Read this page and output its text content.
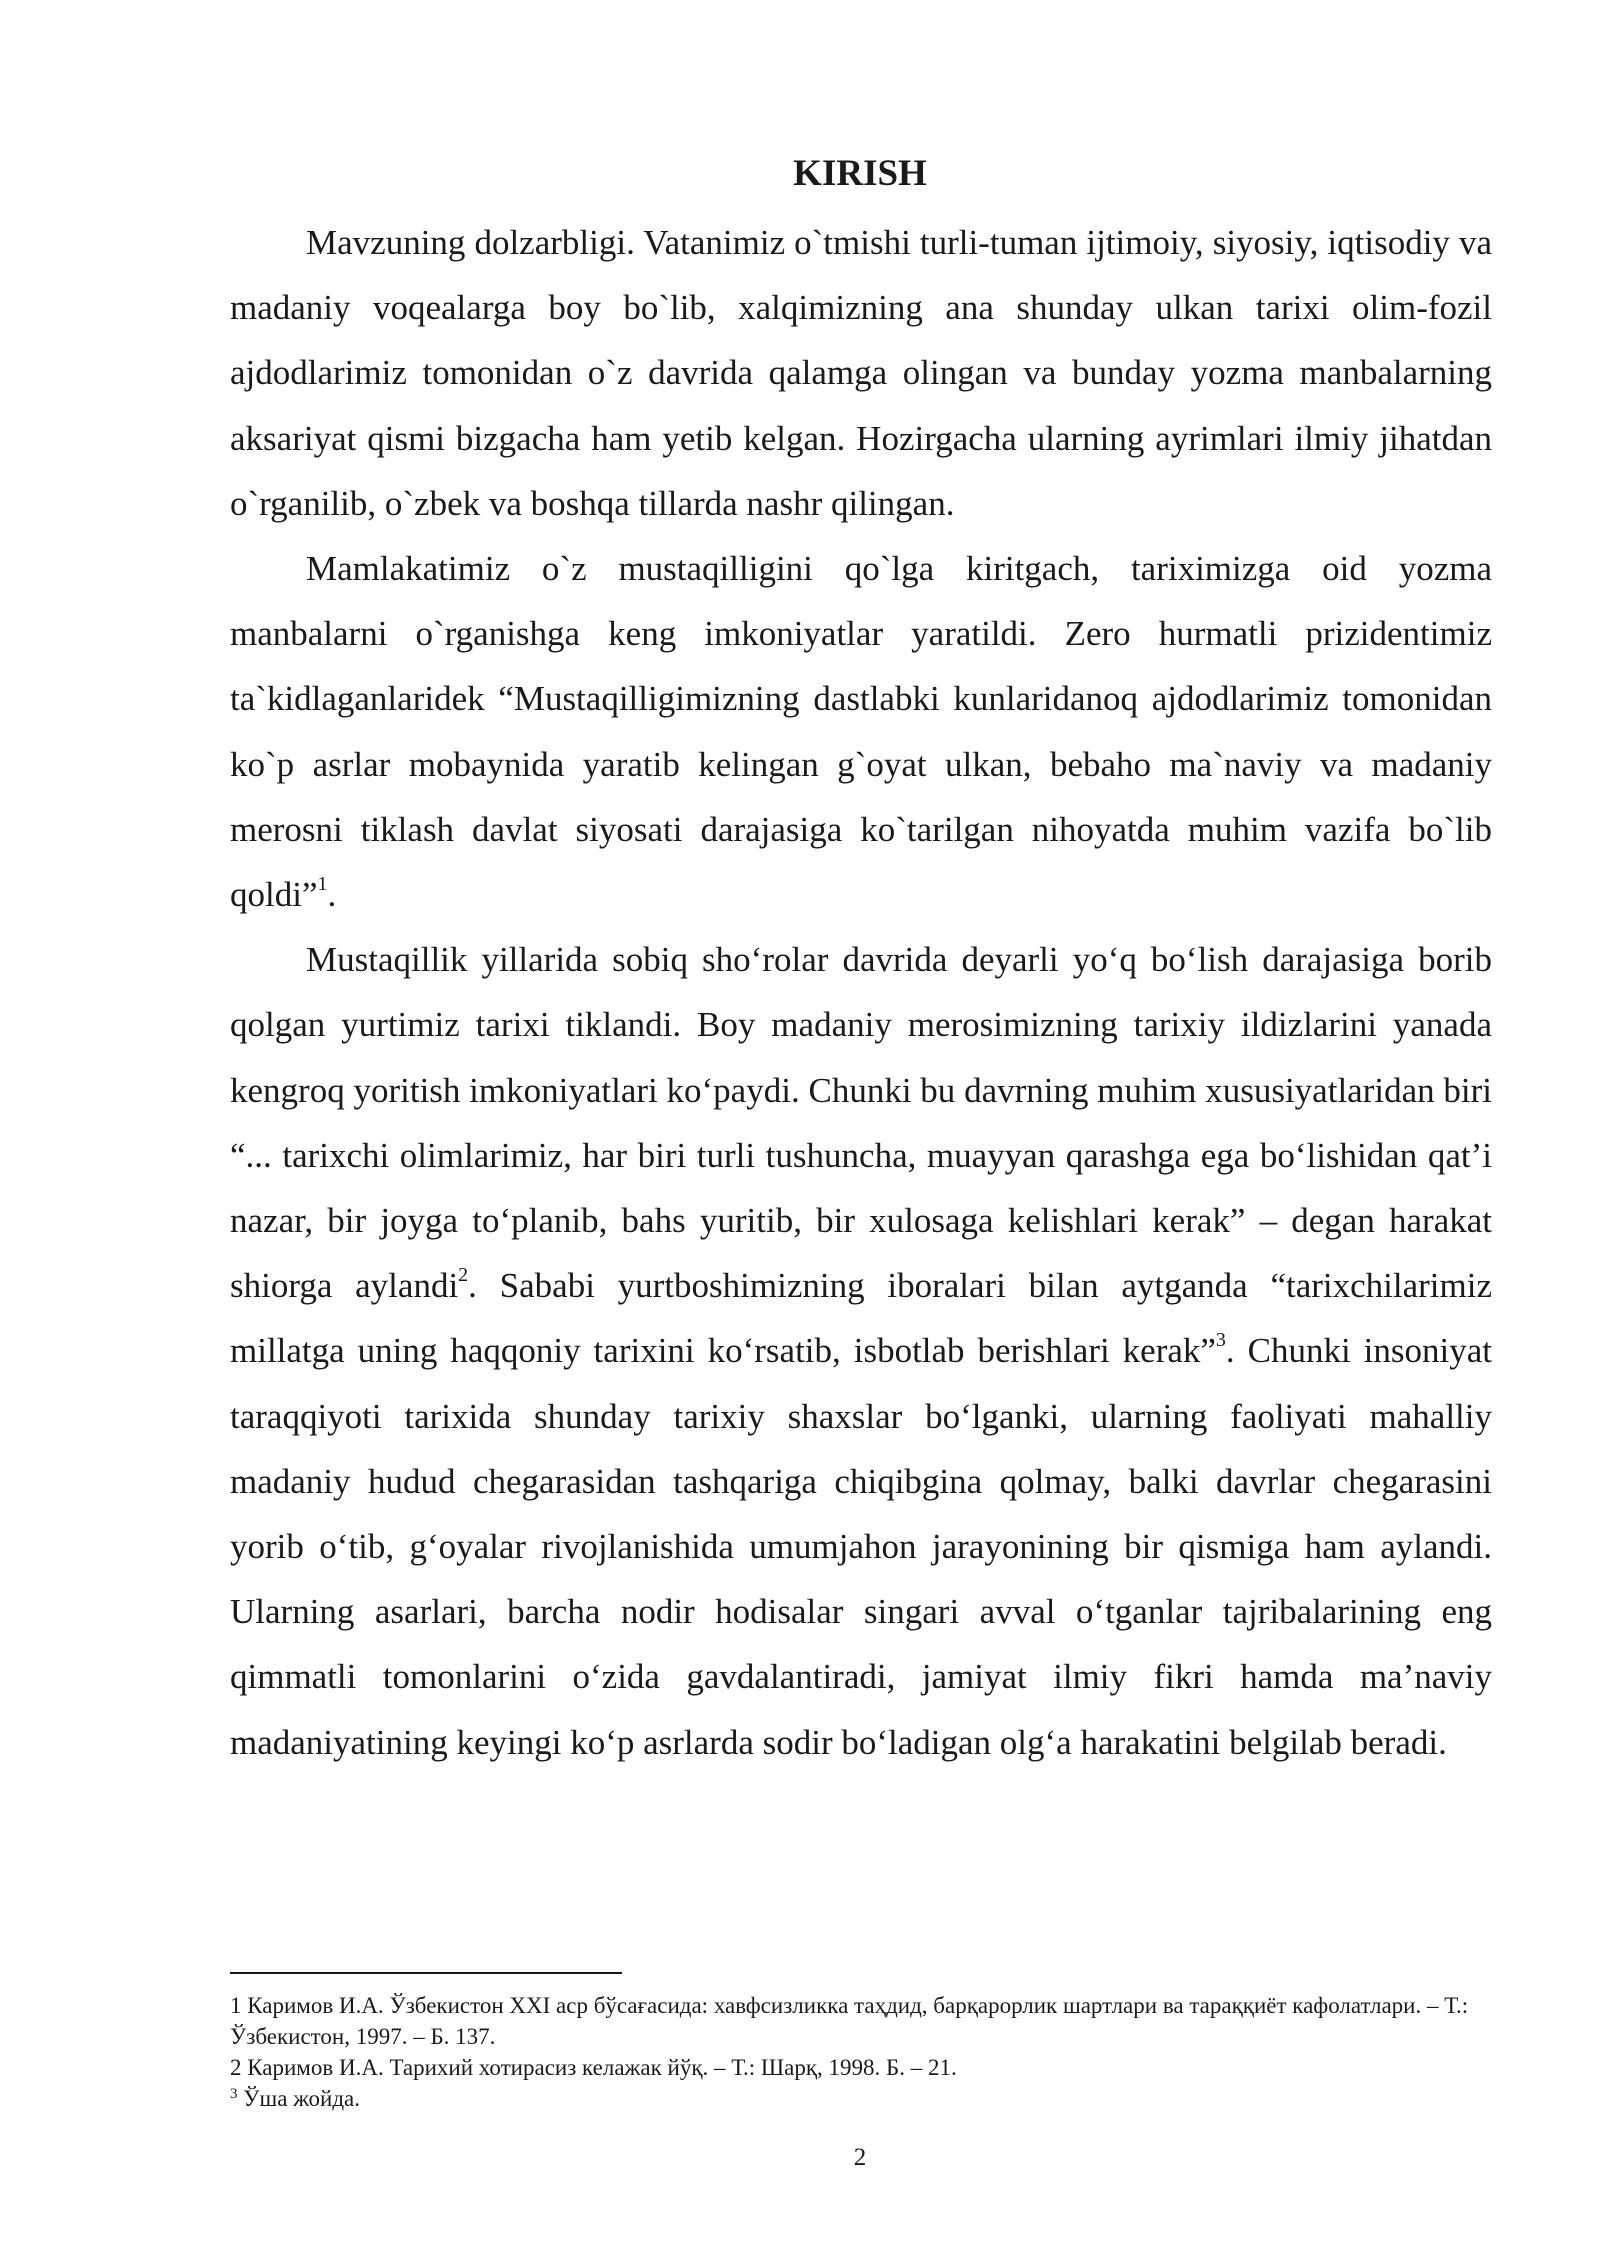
KIRISH

Mavzuning dolzarbligi. Vatanimiz o`tmishi turli-tuman ijtimoiy, siyosiy, iqtisodiy va madaniy voqealarga boy bo`lib, xalqimizning ana shunday ulkan tarixi olim-fozil ajdodlarimiz tomonidan o`z davrida qalamga olingan va bunday yozma manbalarning aksariyat qismi bizgacha ham yetib kelgan. Hozirgacha ularning ayrimlari ilmiy jihatdan o`rganilib, o`zbek va boshqa tillarda nashr qilingan.

Mamlakatimiz o`z mustaqilligini qo`lga kiritgach, tariximizga oid yozma manbalarni o`rganishga keng imkoniyatlar yaratildi. Zero hurmatli prizidentimiz ta`kidlaganlaridek “Mustaqilligimizning dastlabki kunlaridanoq ajdodlarimiz tomonidan ko`p asrlar mobaynida yaratib kelingan g`oyat ulkan, bebaho ma`naviy va madaniy merosni tiklash davlat siyosati darajasiga ko`tarilgan nihoyatda muhim vazifa bo`lib qoldi”$^1$.

Mustaqillik yillarida sobiq sho‘rolar davrida deyarli yo‘q bo‘lish darajasiga borib qolgan yurtimiz tarixi tiklandi. Boy madaniy merosimizning tarixiy ildizlarini yanada kengroq yoritish imkoniyatlari ko‘paydi. Chunki bu davrning muhim xususiyatlaridan biri “... tarixchi olimlarimiz, har biri turli tushuncha, muayyan qarashga ega bo‘lishidan qat’i nazar, bir joyga to‘planib, bahs yuritib, bir xulosaga kelishlari kerak” – degan harakat shiorga aylandi$^2$. Sababi yurtboshimizning iboralari bilan aytganda “tarixchilarimiz millatga uning haqqoniy tarixini ko‘rsatib, isbotlab berishlari kerak”$^3$. Chunki insoniyat taraqqiyoti tarixida shunday tarixiy shaxslar bo‘lganki, ularning faoliyati mahalliy madaniy hudud chegarasidan tashqariga chiqibgina qolmay, balki davrlar chegarasini yorib o‘tib, g‘oyalar rivojlanishida umumjahon jarayonining bir qismiga ham aylandi. Ularning asarlari, barcha nodir hodisalar singari avval o‘tganlar tajribalarining eng qimmatli tomonlarini o‘zida gavdalantiradi, jamiyat ilmiy fikri hamda ma’naviy madaniyatining keyingi ko‘p asrlarda sodir bo‘ladigan olg‘a harakatini belgilab beradi.

1 Каримов И.А. Ўзбекистон ХХI аср бўсағасида: хавфсизликка таҳдид, барқарорлик шартлари ва тараққиёт кафолатлари. – Т.: Ўзбекистон, 1997. – Б. 137.

2 Каримов И.А. Тарихий хотирасиз келажак йўқ. – Т.: Шарқ, 1998. Б. – 21.

$^3$ Ўша жойда.

2
